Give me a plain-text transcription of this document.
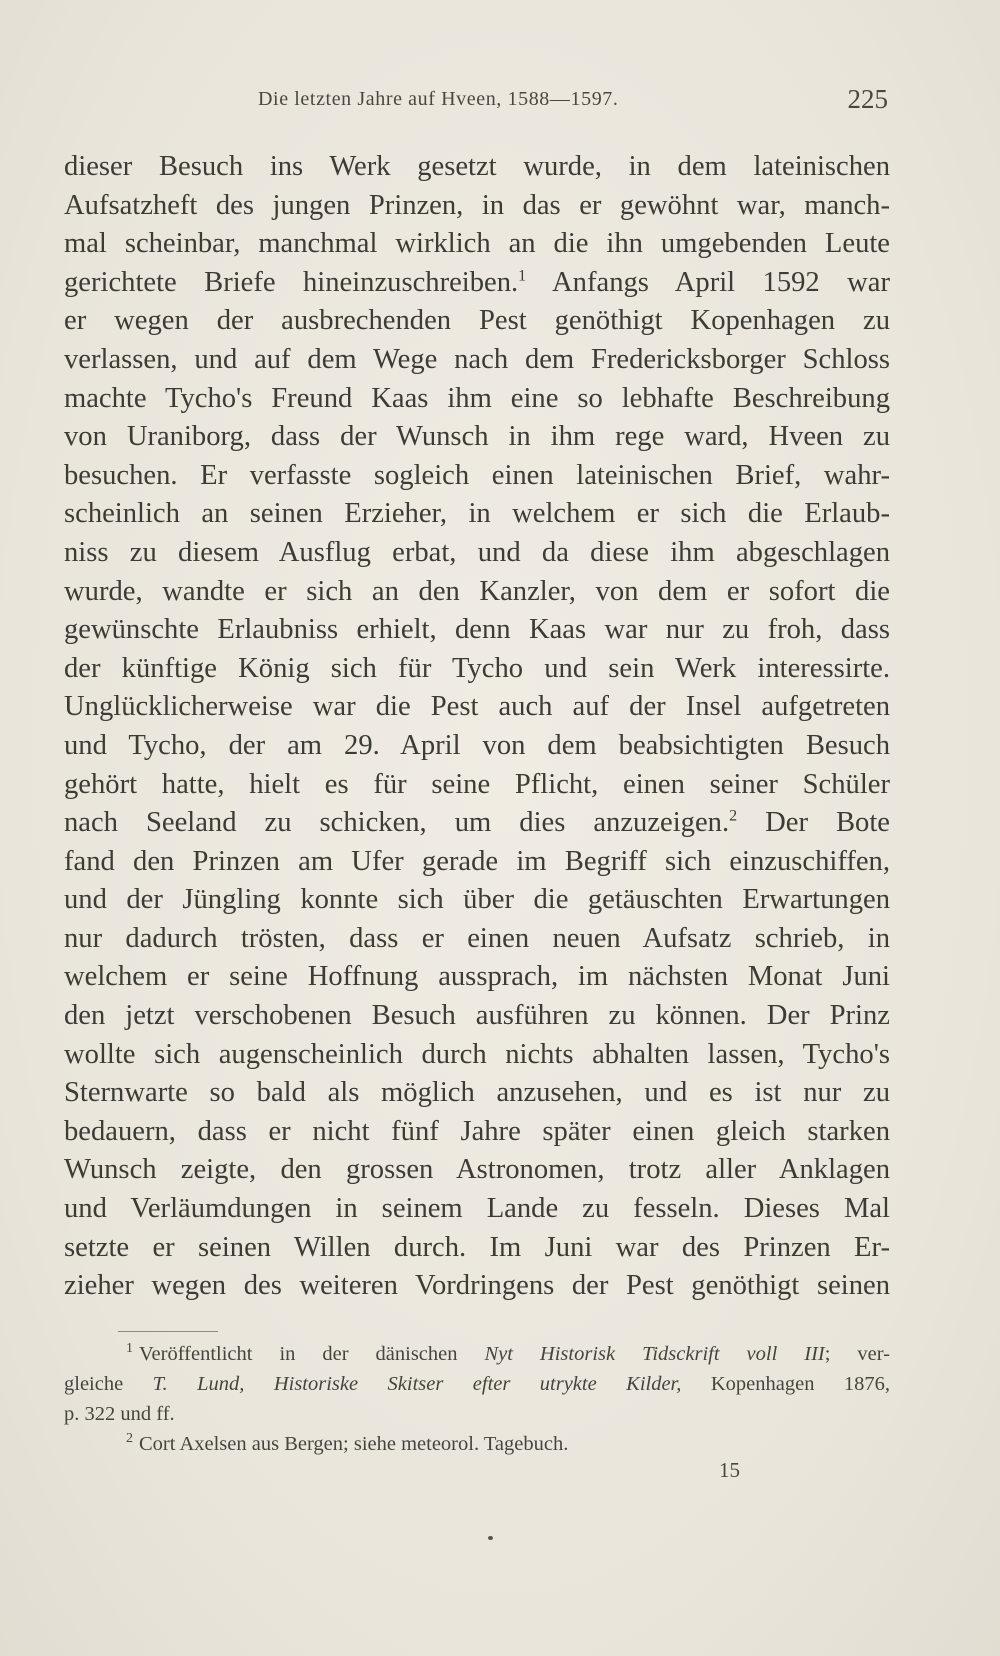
Die letzten Jahre auf Hveen, 1588—1597.	225
dieser Besuch ins Werk gesetzt wurde, in dem lateinischen
Aufsatzheft des jungen Prinzen, in das er gewöhnt war, manch-
mal scheinbar, manchmal wirklich an die ihn umgebenden Leute
gerichtete Briefe hineinzuschreiben.$^1$ Anfangs April 1592 war
er wegen der ausbrechenden Pest genöthigt Kopenhagen zu
verlassen, und auf dem Wege nach dem Fredericksborger Schloss
machte Tycho's Freund Kaas ihm eine so lebhafte Beschreibung
von Uraniborg, dass der Wunsch in ihm rege ward, Hveen zu
besuchen. Er verfasste sogleich einen lateinischen Brief, wahr-
scheinlich an seinen Erzieher, in welchem er sich die Erlaub-
niss zu diesem Ausflug erbat, und da diese ihm abgeschlagen
wurde, wandte er sich an den Kanzler, von dem er sofort die
gewünschte Erlaubniss erhielt, denn Kaas war nur zu froh, dass
der künftige König sich für Tycho und sein Werk interessirte.
Unglücklicherweise war die Pest auch auf der Insel aufgetreten
und Tycho, der am 29. April von dem beabsichtigten Besuch
gehört hatte, hielt es für seine Pflicht, einen seiner Schüler
nach Seeland zu schicken, um dies anzuzeigen.$^2$ Der Bote
fand den Prinzen am Ufer gerade im Begriff sich einzuschiffen,
und der Jüngling konnte sich über die getäuschten Erwartungen
nur dadurch trösten, dass er einen neuen Aufsatz schrieb, in
welchem er seine Hoffnung aussprach, im nächsten Monat Juni
den jetzt verschobenen Besuch ausführen zu können. Der Prinz
wollte sich augenscheinlich durch nichts abhalten lassen, Tycho's
Sternwarte so bald als möglich anzusehen, und es ist nur zu
bedauern, dass er nicht fünf Jahre später einen gleich starken
Wunsch zeigte, den grossen Astronomen, trotz aller Anklagen
und Verläumdungen in seinem Lande zu fesseln. Dieses Mal
setzte er seinen Willen durch. Im Juni war des Prinzen Er-
zieher wegen des weiteren Vordringens der Pest genöthigt seinen
$^1$ Veröffentlicht in der dänischen Nyt Historisk Tidsckrift voll III; ver-
gleiche T. Lund, Historiske Skitser efter utrykte Kilder, Kopenhagen 1876,
p. 322 und ff.
$^2$ Cort Axelsen aus Bergen; siehe meteorol. Tagebuch.
15
